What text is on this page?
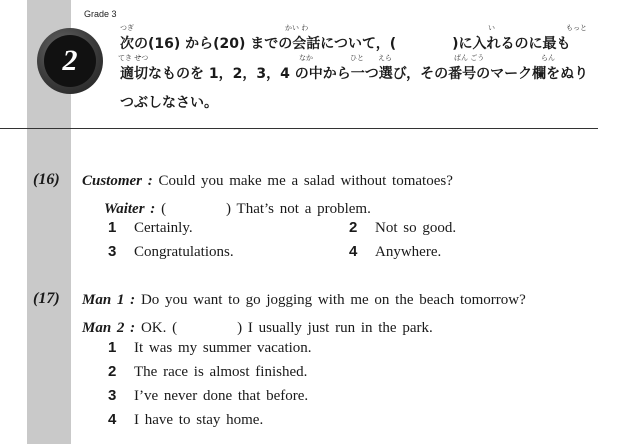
Grade 3
2
つぎ	かい わ	い	もっと
次の(16) から(20) までの会話について，(　　　　)に入れるのに最も
てき せつ	なか	ひと えら	ばん ごう	らん
適切なものを 1，2，3，4 の中から一つ選び，その番号のマーク欄をぬり
つぶしなさい。
(16) Customer : Could you make me a salad without tomatoes?
Waiter : (　　　　) That’s not a problem.
1 Certainly.	2 Not so good.
3 Congratulations.	4 Anywhere.
(17) Man 1 : Do you want to go jogging with me on the beach tomorrow?
Man 2 : OK. (　　　　) I usually just run in the park.
1 It was my summer vacation.
2 The race is almost finished.
3 I’ve never done that before.
4 I have to stay home.
